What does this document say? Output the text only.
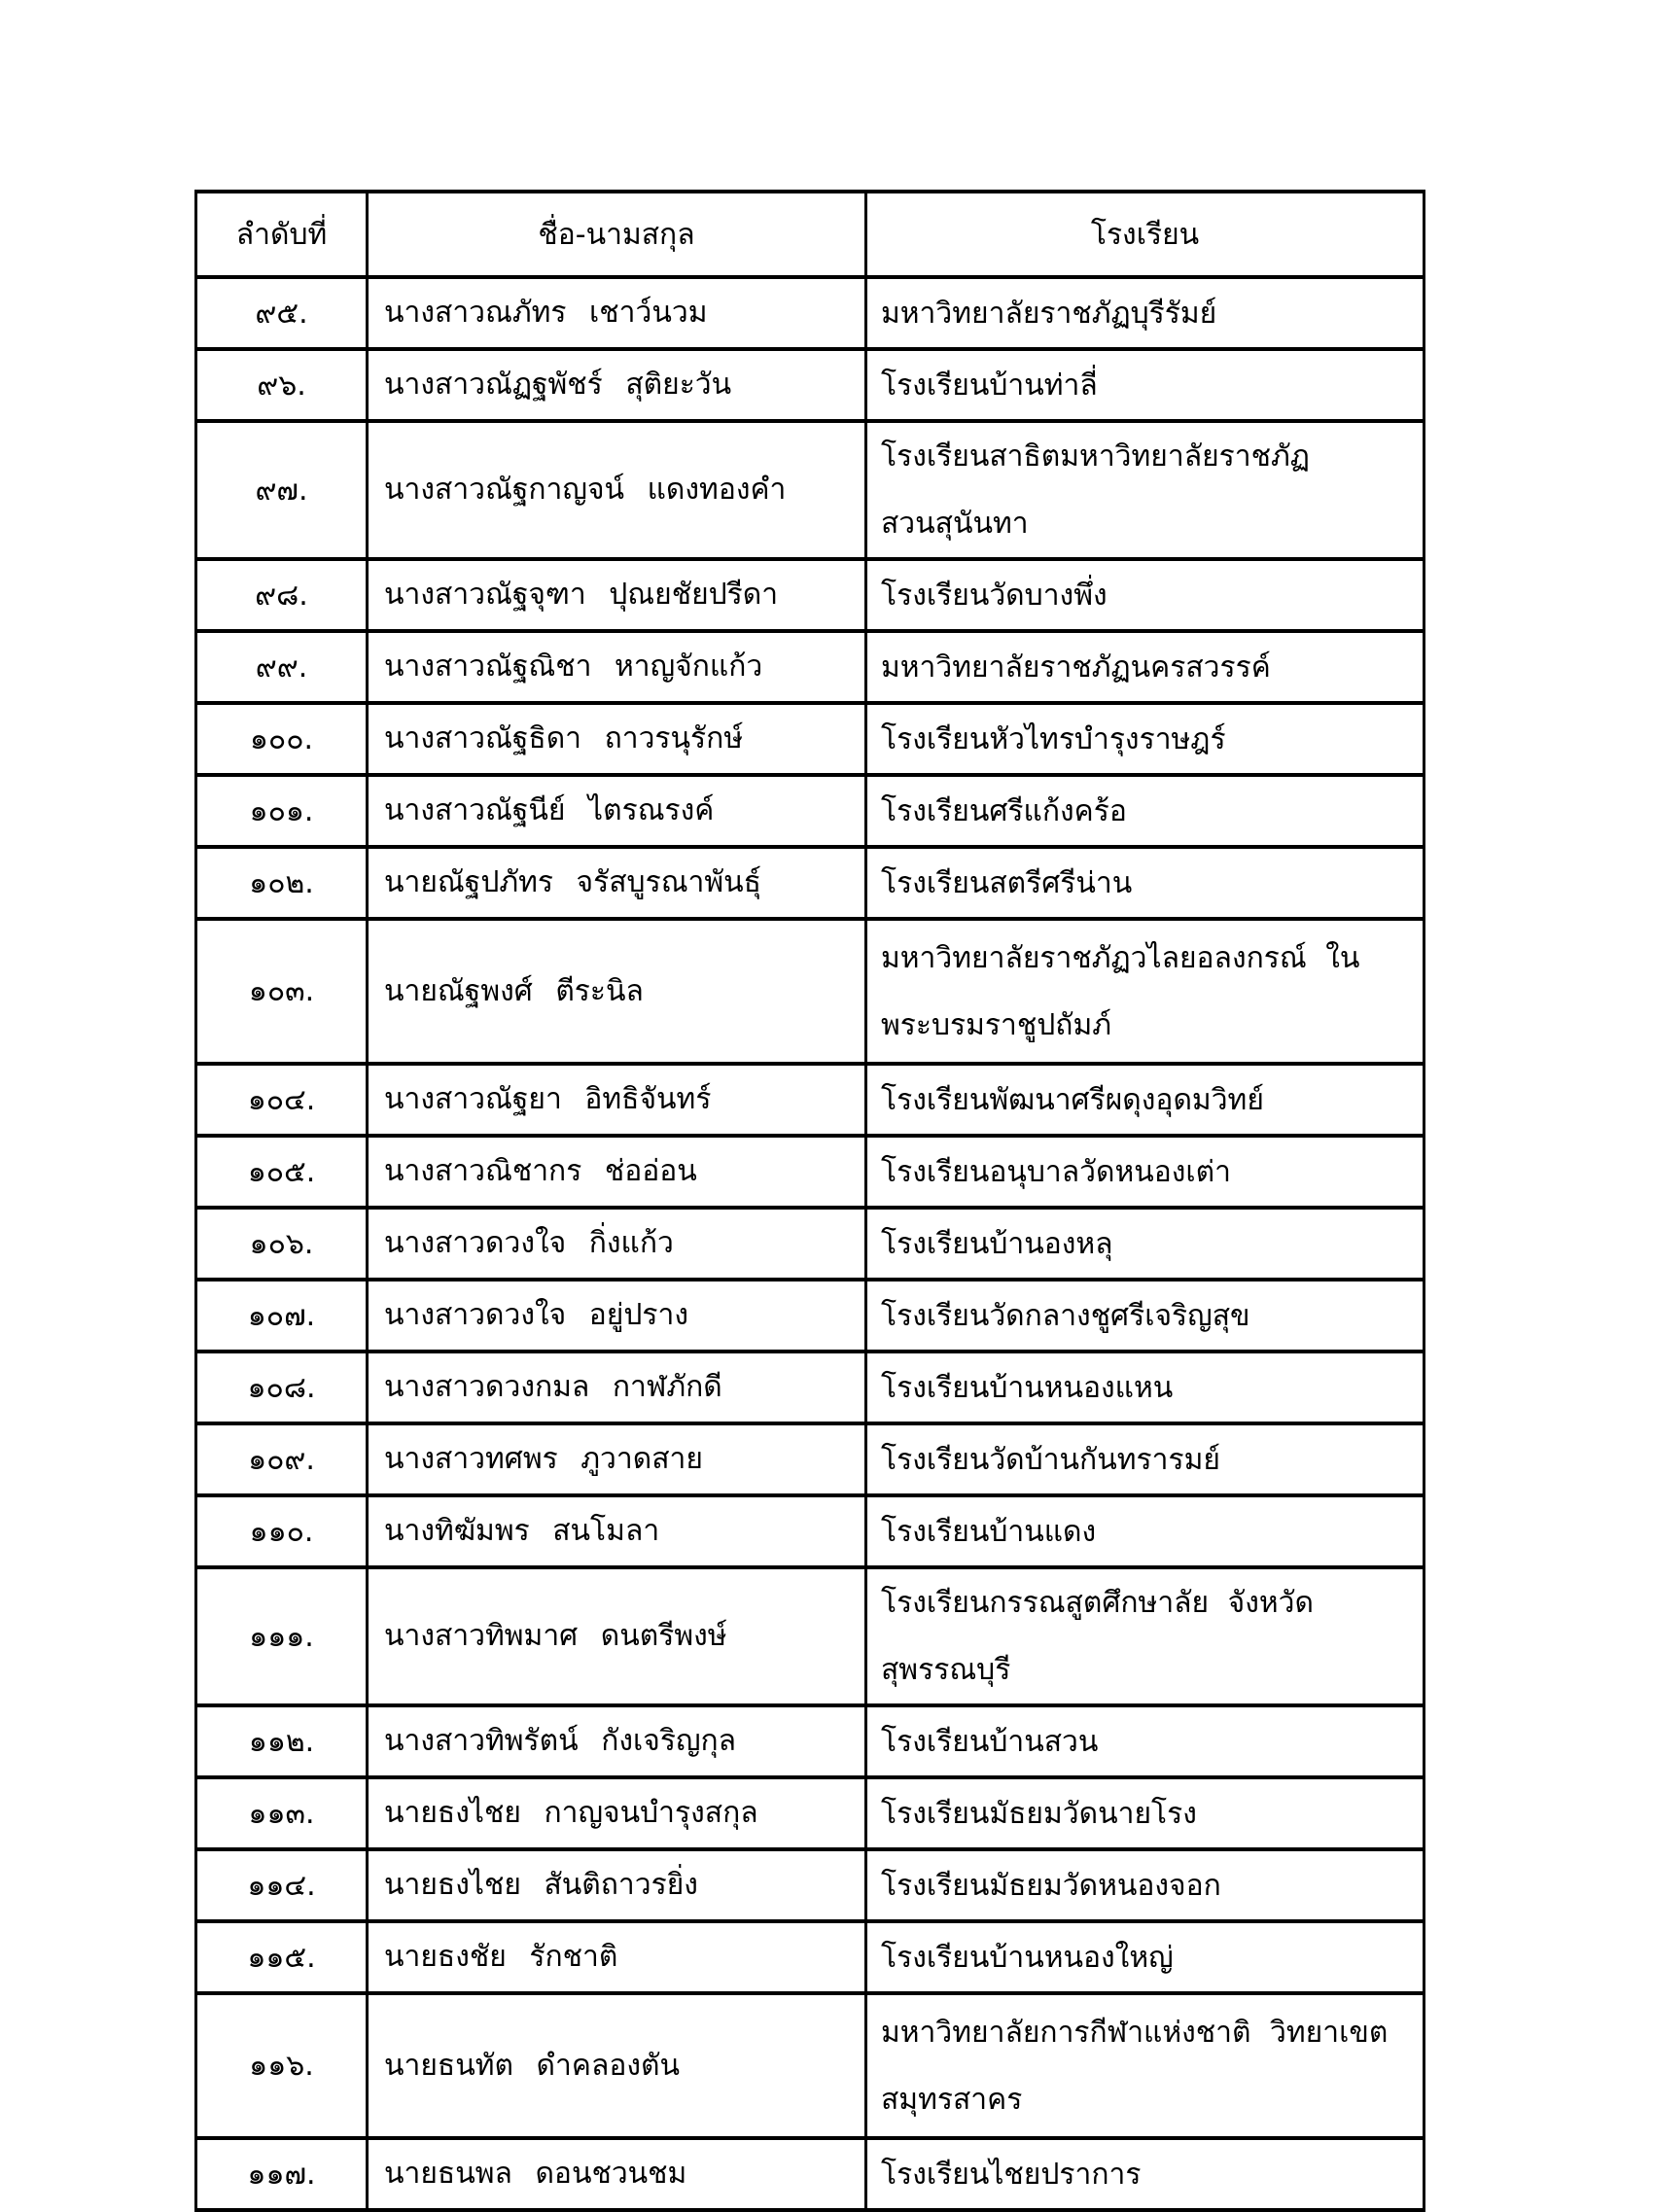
ลำดับที่	ชื่อ-นามสกุล	โรงเรียน
๙๕.	นางสาวณภัทร เชาว์นวม	มหาวิทยาลัยราชภัฏบุรีรัมย์
๙๖.	นางสาวณัฏฐพัชร์ สุติยะวัน	โรงเรียนบ้านท่าลี่
๙๗.	นางสาวณัฐกาญจน์ แดงทองคำ	โรงเรียนสาธิตมหาวิทยาลัยราชภัฏสวนสุนันทา
๙๘.	นางสาวณัฐจุฑา ปุณยชัยปรีดา	โรงเรียนวัดบางพึ่ง
๙๙.	นางสาวณัฐณิชา หาญจักแก้ว	มหาวิทยาลัยราชภัฏนครสวรรค์
๑๐๐.	นางสาวณัฐธิดา ถาวรนุรักษ์	โรงเรียนหัวไทรบำรุงราษฎร์
๑๐๑.	นางสาวณัฐนีย์ ไตรณรงค์	โรงเรียนศรีแก้งคร้อ
๑๐๒.	นายณัฐปภัทร จรัสบูรณาพันธุ์	โรงเรียนสตรีศรีน่าน
๑๐๓.	นายณัฐพงศ์ ตีระนิล	มหาวิทยาลัยราชภัฏวไลยอลงกรณ์ ในพระบรม​ราชูปถัมภ์
๑๐๔.	นางสาวณัฐยา อิทธิจันทร์	โรงเรียนพัฒนาศรีผดุงอุดมวิทย์
๑๐๕.	นางสาวณิชากร ช่ออ่อน	โรงเรียนอนุบาลวัดหนองเต่า
๑๐๖.	นางสาวดวงใจ กิ่งแก้ว	โรงเรียนบ้านองหลุ
๑๐๗.	นางสาวดวงใจ อยู่ปราง	โรงเรียนวัดกลางชูศรีเจริญสุข
๑๐๘.	นางสาวดวงกมล กาฬภักดี	โรงเรียนบ้านหนองแหน
๑๐๙.	นางสาวทศพร ภูวาดสาย	โรงเรียนวัดบ้านกันทรารมย์
๑๑๐.	นางทิฆัมพร สนโมลา	โรงเรียนบ้านแดง
๑๑๑.	นางสาวทิพมาศ ดนตรีพงษ์	โรงเรียนกรรณสูตศึกษาลัย จังหวัดสุพรรณบุรี
๑๑๒.	นางสาวทิพรัตน์ กังเจริญกุล	โรงเรียนบ้านสวน
๑๑๓.	นายธงไชย กาญจนบำรุงสกุล	โรงเรียนมัธยมวัดนายโรง
๑๑๔.	นายธงไชย สันติถาวรยิ่ง	โรงเรียนมัธยมวัดหนองจอก
๑๑๕.	นายธงชัย รักชาติ	โรงเรียนบ้านหนองใหญ่
๑๑๖.	นายธนทัต ดำคลองตัน	มหาวิทยาลัยการกีฬาแห่งชาติ วิทยาเขต​สมุทรสาคร
๑๑๗.	นายธนพล ดอนชวนชม	โรงเรียนไชยปราการ
